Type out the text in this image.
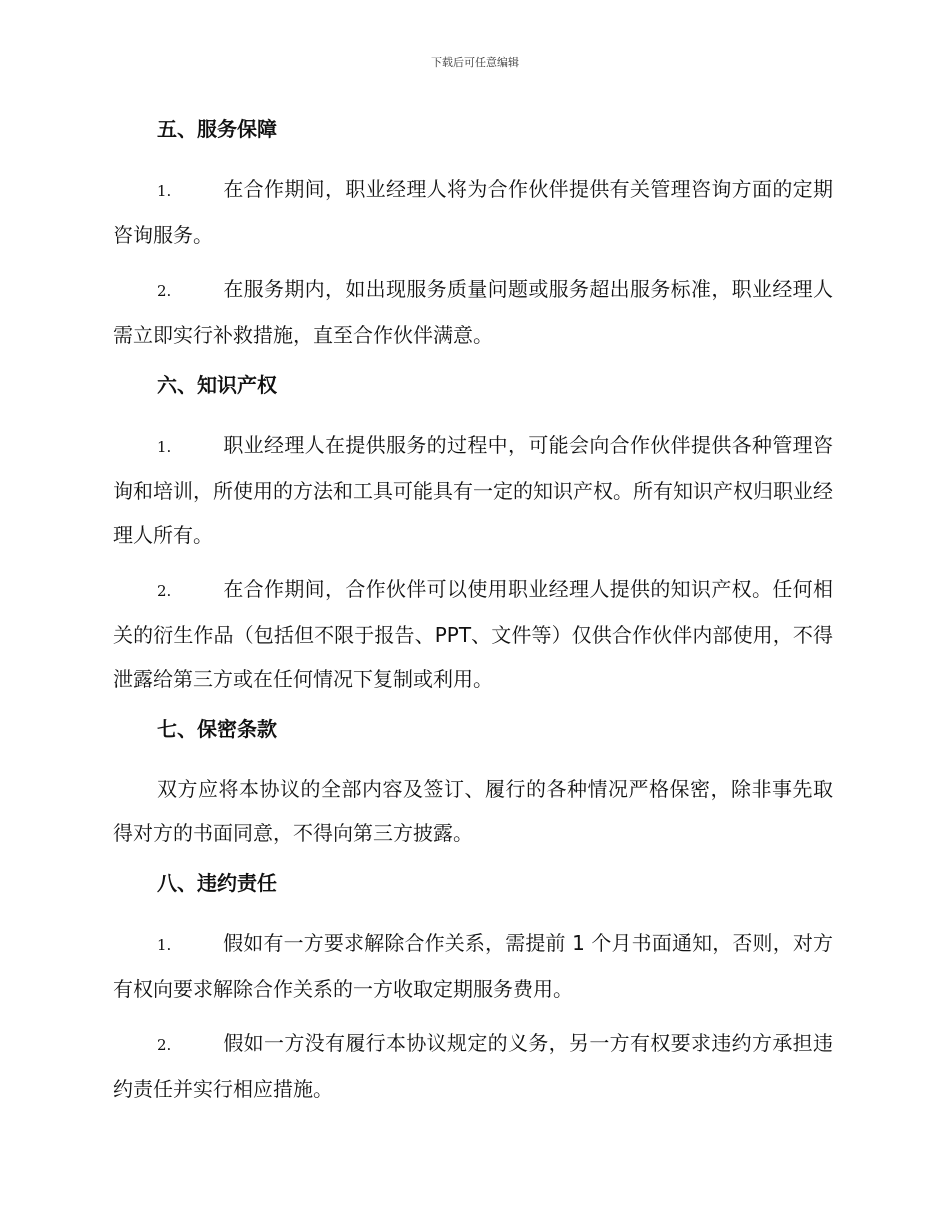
下载后可任意编辑
五、服务保障

1.	在合作期间，职业经理人将为合作伙伴提供有关管理咨询方面的定期咨询服务。

2.	在服务期内，如出现服务质量问题或服务超出服务标准，职业经理人需立即实行补救措施，直至合作伙伴满意。

六、知识产权

1.	职业经理人在提供服务的过程中，可能会向合作伙伴提供各种管理咨询和培训，所使用的方法和工具可能具有一定的知识产权。所有知识产权归职业经理人所有。

2.	在合作期间，合作伙伴可以使用职业经理人提供的知识产权。任何相关的衍生作品（包括但不限于报告、PPT、文件等）仅供合作伙伴内部使用，不得泄露给第三方或在任何情况下复制或利用。

七、保密条款

双方应将本协议的全部内容及签订、履行的各种情况严格保密，除非事先取得对方的书面同意，不得向第三方披露。

八、违约责任

1.	假如有一方要求解除合作关系，需提前 1 个月书面通知，否则，对方有权向要求解除合作关系的一方收取定期服务费用。

2.	假如一方没有履行本协议规定的义务，另一方有权要求违约方承担违约责任并实行相应措施。
